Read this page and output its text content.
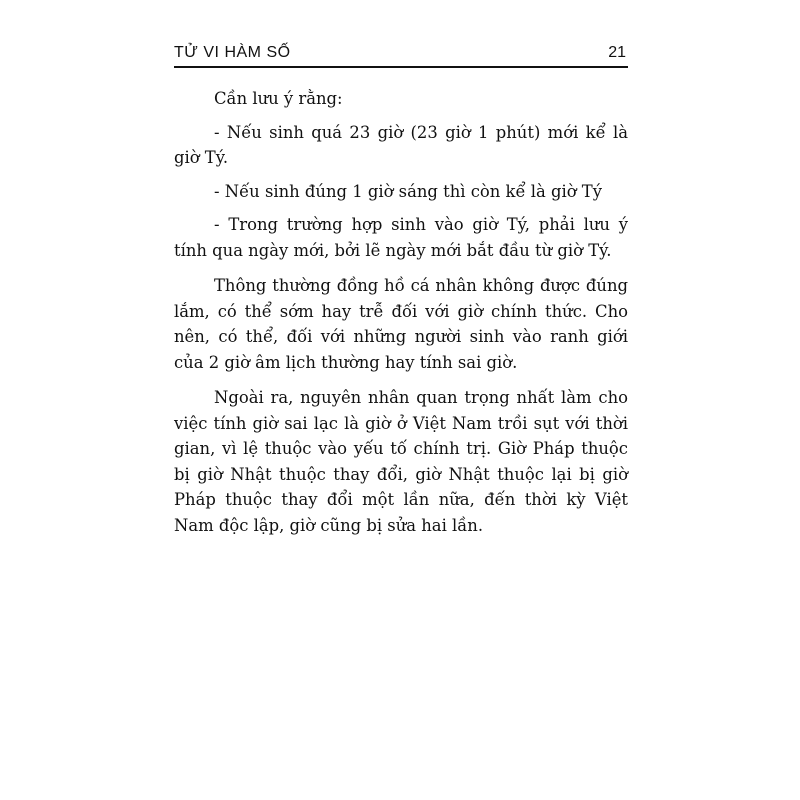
TỬ VI HÀM SỐ	21

Cần lưu ý rằng:

- Nếu sinh quá 23 giờ (23 giờ 1 phút) mới kể là giờ Tý.

- Nếu sinh đúng 1 giờ sáng thì còn kể là giờ Tý

- Trong trường hợp sinh vào giờ Tý, phải lưu ý tính qua ngày mới, bởi lẽ ngày mới bắt đầu từ giờ Tý.

Thông thường đồng hồ cá nhân không được đúng lắm, có thể sớm hay trễ đối với giờ chính thức. Cho nên, có thể, đối với những người sinh vào ranh giới của 2 giờ âm lịch thường hay tính sai giờ.

Ngoài ra, nguyên nhân quan trọng nhất làm cho việc tính giờ sai lạc là giờ ở Việt Nam trồi sụt với thời gian, vì lệ thuộc vào yếu tố chính trị. Giờ Pháp thuộc bị giờ Nhật thuộc thay đổi, giờ Nhật thuộc lại bị giờ Pháp thuộc thay đổi một lần nữa, đến thời kỳ Việt Nam độc lập, giờ cũng bị sửa hai lần.
